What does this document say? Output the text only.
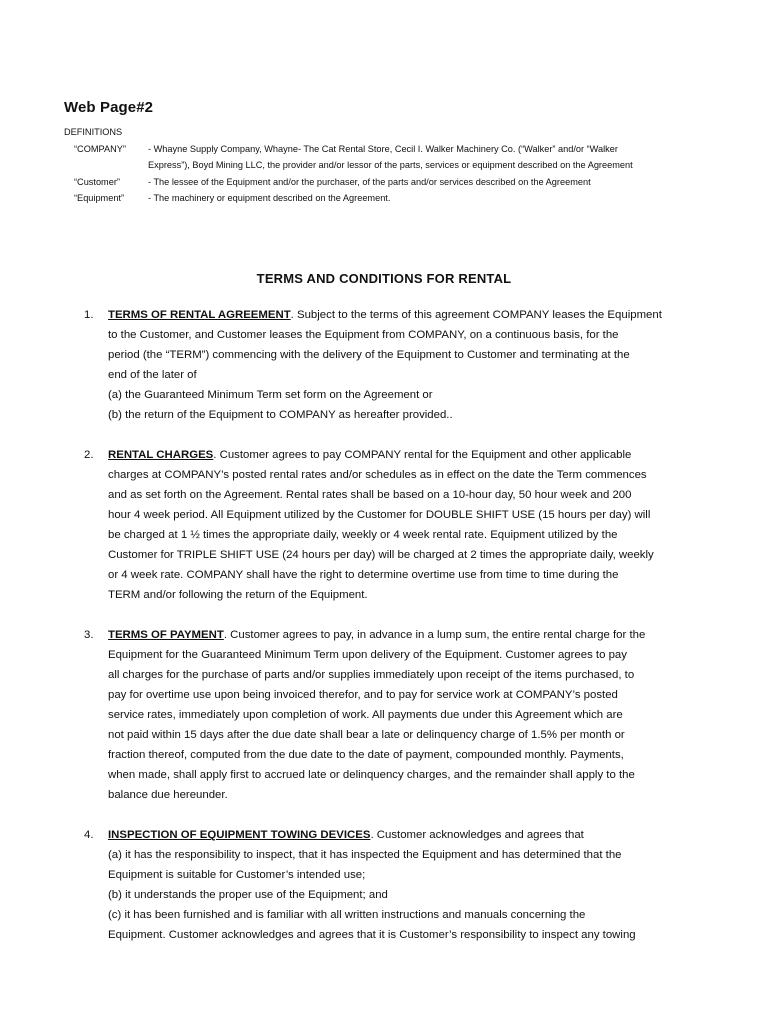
Web Page#2
DEFINITIONS
“COMPANY”	- Whayne Supply Company, Whayne- The Cat Rental Store, Cecil I. Walker Machinery Co. (“Walker” and/or “Walker
Express”), Boyd Mining LLC, the provider and/or lessor of the parts, services or equipment described on the Agreement
“Customer”	- The lessee of the Equipment and/or the purchaser, of the parts and/or services described on the Agreement
“Equipment”	- The machinery or equipment described on the Agreement.
TERMS AND CONDITIONS FOR RENTAL
1.	TERMS OF RENTAL AGREEMENT. Subject to the terms of this agreement COMPANY leases the Equipment
to the Customer, and Customer leases the Equipment from COMPANY, on a continuous basis, for the
period (the “TERM”) commencing with the delivery of the Equipment to Customer and terminating at the
end of the later of
(a) the Guaranteed Minimum Term set form on the Agreement or
(b) the return of the Equipment to COMPANY as hereafter provided..
2.	RENTAL CHARGES. Customer agrees to pay COMPANY rental for the Equipment and other applicable
charges at COMPANY’s posted rental rates and/or schedules as in effect on the date the Term commences
and as set forth on the Agreement. Rental rates shall be based on a 10-hour day, 50 hour week and 200
hour 4 week period. All Equipment utilized by the Customer for DOUBLE SHIFT USE (15 hours per day) will
be charged at 1 ½ times the appropriate daily, weekly or 4 week rental rate. Equipment utilized by the
Customer for TRIPLE SHIFT USE (24 hours per day) will be charged at 2 times the appropriate daily, weekly
or 4 week rate. COMPANY shall have the right to determine overtime use from time to time during the
TERM and/or following the return of the Equipment.
3.	TERMS OF PAYMENT. Customer agrees to pay, in advance in a lump sum, the entire rental charge for the
Equipment for the Guaranteed Minimum Term upon delivery of the Equipment. Customer agrees to pay
all charges for the purchase of parts and/or supplies immediately upon receipt of the items purchased, to
pay for overtime use upon being invoiced therefor, and to pay for service work at COMPANY’s posted
service rates, immediately upon completion of work. All payments due under this Agreement which are
not paid within 15 days after the due date shall bear a late or delinquency charge of 1.5% per month or
fraction thereof, computed from the due date to the date of payment, compounded monthly. Payments,
when made, shall apply first to accrued late or delinquency charges, and the remainder shall apply to the
balance due hereunder.
4.	INSPECTION OF EQUIPMENT TOWING DEVICES. Customer acknowledges and agrees that
(a) it has the responsibility to inspect, that it has inspected the Equipment and has determined that the
Equipment is suitable for Customer’s intended use;
(b) it understands the proper use of the Equipment; and
(c) it has been furnished and is familiar with all written instructions and manuals concerning the
Equipment. Customer acknowledges and agrees that it is Customer’s responsibility to inspect any towing
